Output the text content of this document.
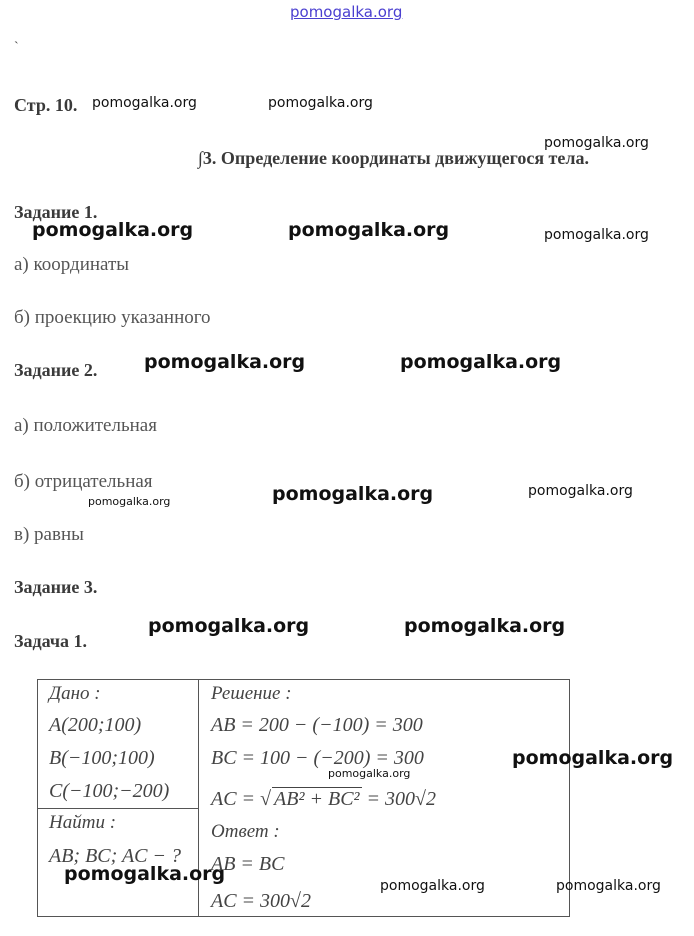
pomogalka.org
`
Стр. 10. pomogalka.org	pomogalka.org
pomogalka.org
∫3. Определение координаты движущегося тела.
Задание 1.
pomogalka.org	pomogalka.org	pomogalka.org
а) координаты
б) проекцию указанного
Задание 2. pomogalka.org	pomogalka.org
а) положительная
б) отрицательная
pomogalka.org	pomogalka.org	pomogalka.org
в) равны
Задание 3.
Задача 1.
pomogalka.org	pomogalka.org
Дано :
A(200;100)
B(−100;100)
C(−100;−200)
Найти :
AB; BC; AC − ?
pomogalka.org
Решение :
AB = 200 − (−100) = 300
BC = 100 − (−200) = 300
pomogalka.org
pomogalka.org
AC = √ AB² + BC² = 300√2
Ответ :
AB = BC
AC = 300√2
pomogalka.org	pomogalka.org
